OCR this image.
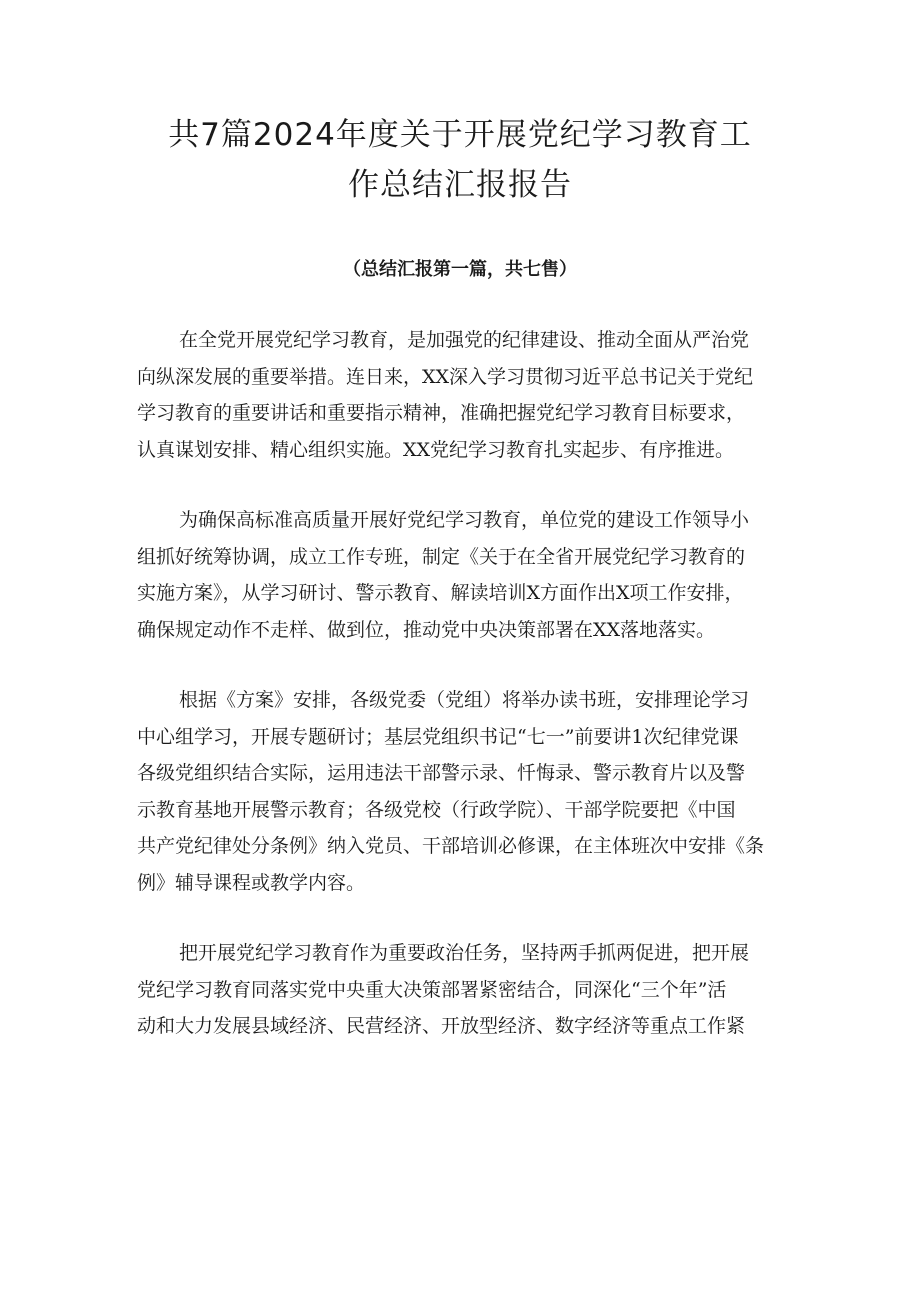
共7篇2024年度关于开展党纪学习教育工
作总结汇报报告
（总结汇报第一篇，共七售）
在全党开展党纪学习教育，是加强党的纪律建设、推动全面从严治党
向纵深发展的重要举措。连日来，XX深入学习贯彻习近平总书记关于党纪
学习教育的重要讲话和重要指示精神，准确把握党纪学习教育目标要求，
认真谋划安排、精心组织实施。XX党纪学习教育扎实起步、有序推进。
为确保高标准高质量开展好党纪学习教育，单位党的建设工作领导小
组抓好统筹协调，成立工作专班，制定《关于在全省开展党纪学习教育的
实施方案》，从学习研讨、警示教育、解读培训X方面作出X项工作安排，
确保规定动作不走样、做到位，推动党中央决策部署在XX落地落实。
根据《方案》安排，各级党委（党组）将举办读书班，安排理论学习
中心组学习，开展专题研讨；基层党组织书记“七一”前要讲1次纪律党课
各级党组织结合实际，运用违法干部警示录、忏悔录、警示教育片以及警
示教育基地开展警示教育；各级党校（行政学院）、干部学院要把《中国
共产党纪律处分条例》纳入党员、干部培训必修课，在主体班次中安排《条
例》辅导课程或教学内容。
把开展党纪学习教育作为重要政治任务，坚持两手抓两促进，把开展
党纪学习教育同落实党中央重大决策部署紧密结合，同深化“三个年”活
动和大力发展县域经济、民营经济、开放型经济、数字经济等重点工作紧
